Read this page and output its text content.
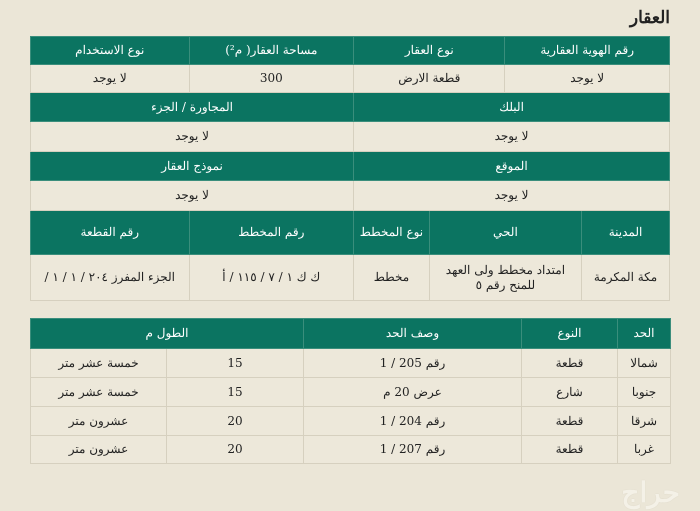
العقار
رقم الهوية العقارية		نوع العقار		مساحة العقار( م²)	نوع الاستخدام
لا يوجد		قطعة الارض		300	لا يوجد
البلك				المجاورة / الجزء	
لا يوجد				لا يوجد	
الموقع				نموذج العقار	
لا يوجد				لا يوجد	
المدينة	الحي		نوع المخطط	رقم المخطط	رقم القطعة
مكة المكرمة	امتداد مخطط ولى العهد للمنح رقم ٥		مخطط	ك ك ١ / ٧ / ١١٥ / أ	الجزء المفرز ٢٠٤ / ١ / ١ /
الحد	النوع	وصف الحد	الطول م	
شمالا	قطعة	رقم 205 / 1	15	خمسة عشر متر
جنوبا	شارع	عرض 20 م	15	خمسة عشر متر
شرقا	قطعة	رقم 204 / 1	20	عشرون متر
غربا	قطعة	رقم 207 / 1	20	عشرون متر
حراج
